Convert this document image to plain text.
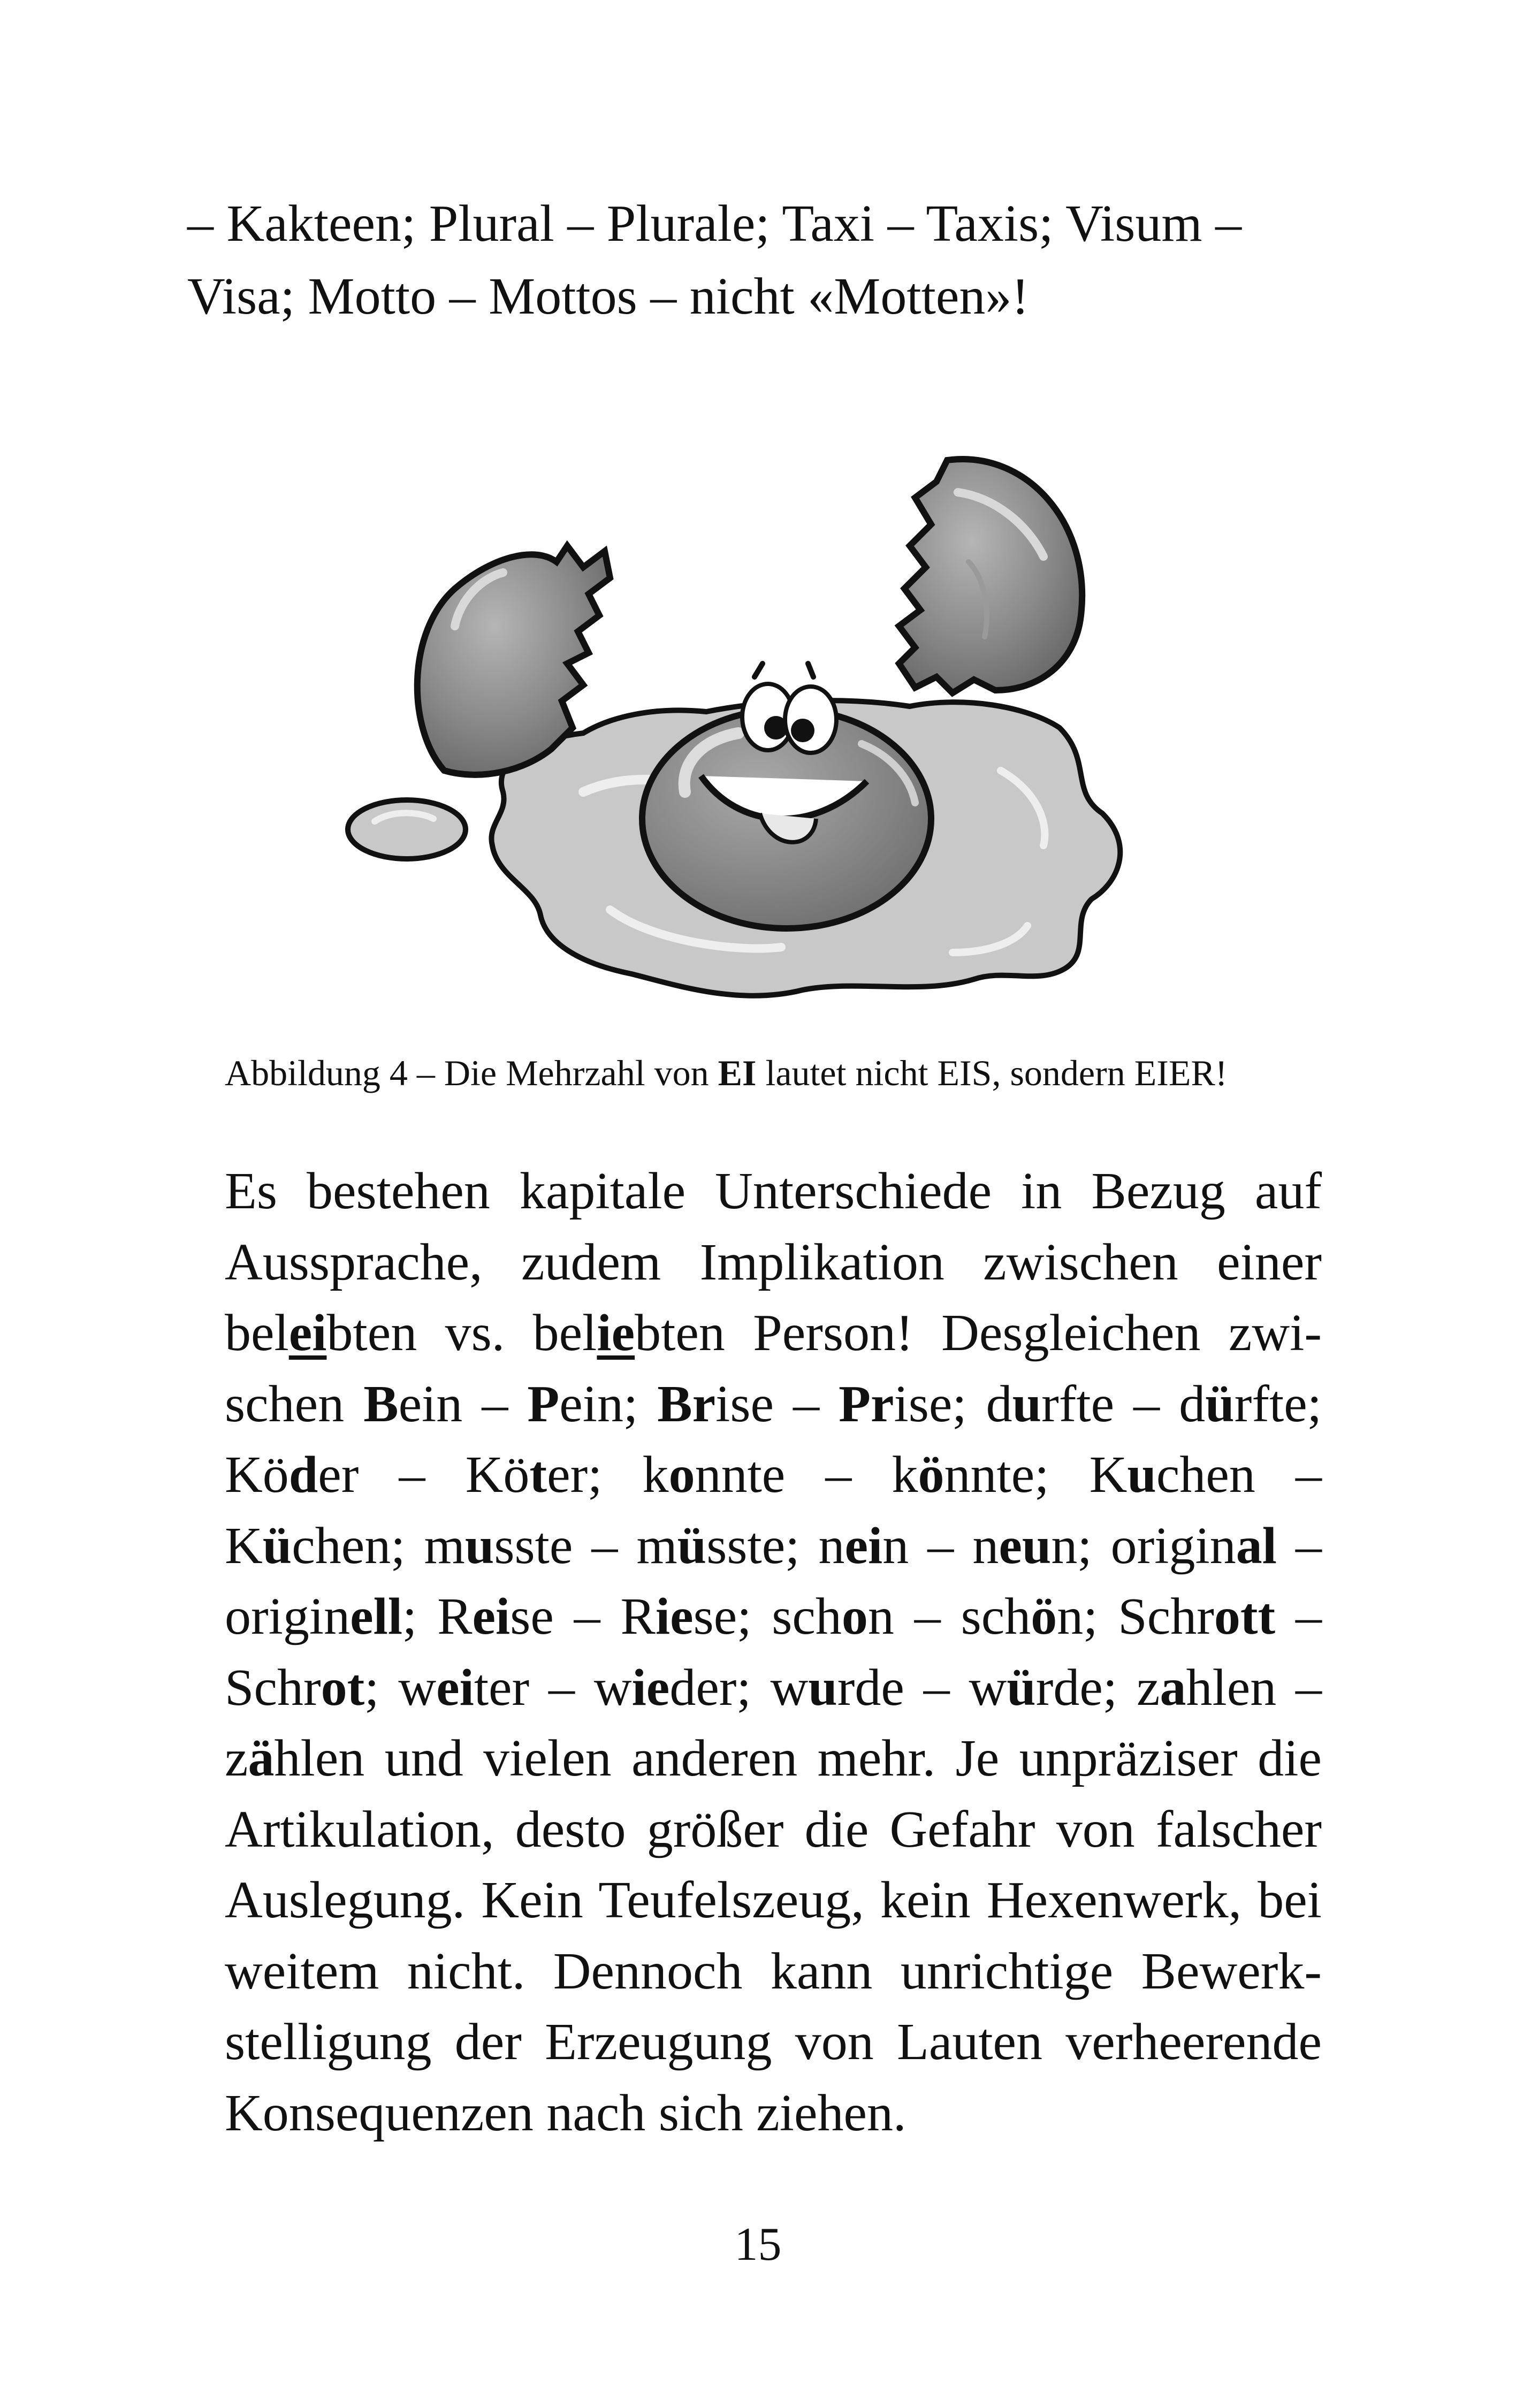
– Kakteen; Plural – Plurale; Taxi – Taxis; Visum – Visa; Motto – Mottos – nicht «Motten»!

Abbildung 4 – Die Mehrzahl von EI lautet nicht EIS, sondern EIER!

Es bestehen kapitale Unterschiede in Bezug auf Aussprache, zudem Implikation zwischen einer beleibten vs. beliebten Person! Desgleichen zwischen Bein – Pein; Brise – Prise; durfte – dürfte; Köder – Köter; konnte – könnte; Kuchen – Küchen; musste – müsste; nein – neun; original – originell; Reise – Riese; schon – schön; Schrott – Schrot; weiter – wieder; wurde – würde; zahlen – zählen und vielen anderen mehr. Je unpräziser die Artikulation, desto größer die Gefahr von falscher Auslegung. Kein Teufelszeug, kein Hexenwerk, bei weitem nicht. Dennoch kann unrichtige Bewerkstelligung der Erzeugung von Lauten verheerende Konsequenzen nach sich ziehen.

15
